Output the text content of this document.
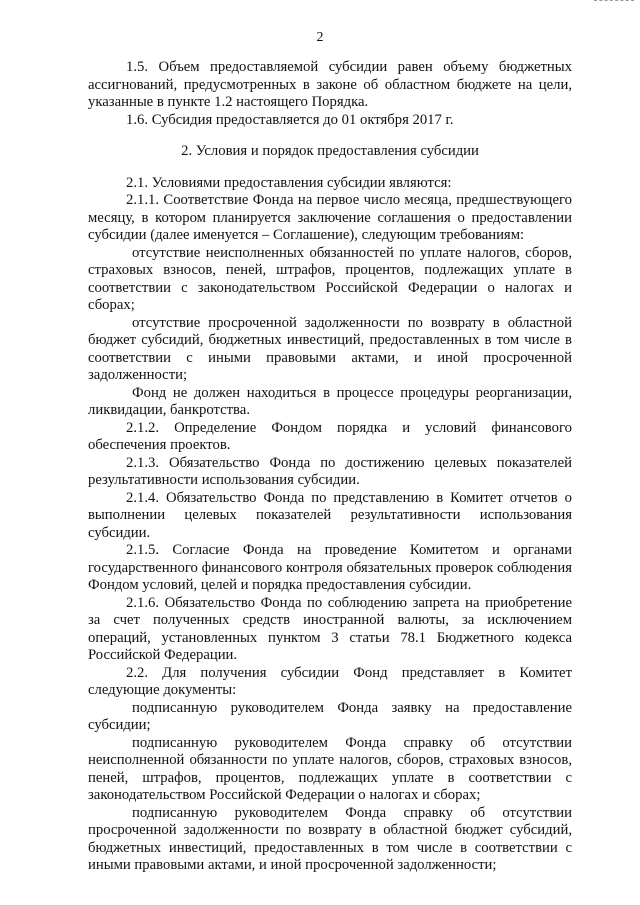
2

1.5. Объем предоставляемой субсидии равен объему бюджетных ассигнований, предусмотренных в законе об областном бюджете на цели, указанные в пункте 1.2 настоящего Порядка.

1.6. Субсидия предоставляется до 01 октября 2017 г.

2. Условия и порядок предоставления субсидии

2.1. Условиями предоставления субсидии являются:

2.1.1. Соответствие Фонда на первое число месяца, предшествующего месяцу, в котором планируется заключение соглашения о предоставлении субсидии (далее именуется – Соглашение), следующим требованиям:

отсутствие неисполненных обязанностей по уплате налогов, сборов, страховых взносов, пеней, штрафов, процентов, подлежащих уплате в соответствии с законодательством Российской Федерации о налогах и сборах;

отсутствие просроченной задолженности по возврату в областной бюджет субсидий, бюджетных инвестиций, предоставленных в том числе в соответствии с иными правовыми актами, и иной просроченной задолженности;

Фонд не должен находиться в процессе процедуры реорганизации, ликвидации, банкротства.

2.1.2. Определение Фондом порядка и условий финансового обеспечения проектов.

2.1.3. Обязательство Фонда по достижению целевых показателей результативности использования субсидии.

2.1.4. Обязательство Фонда по представлению в Комитет отчетов о выполнении целевых показателей результативности использования субсидии.

2.1.5. Согласие Фонда на проведение Комитетом и органами государственного финансового контроля обязательных проверок соблюдения Фондом условий, целей и порядка предоставления субсидии.

2.1.6. Обязательство Фонда по соблюдению запрета на приобретение за счет полученных средств иностранной валюты, за исключением операций, установленных пунктом 3 статьи 78.1 Бюджетного кодекса Российской Федерации.

2.2. Для получения субсидии Фонд представляет в Комитет следующие документы:

подписанную руководителем Фонда заявку на предоставление субсидии;

подписанную руководителем Фонда справку об отсутствии неисполненной обязанности по уплате налогов, сборов, страховых взносов, пеней, штрафов, процентов, подлежащих уплате в соответствии с законодательством Российской Федерации о налогах и сборах;

подписанную руководителем Фонда справку об отсутствии просроченной задолженности по возврату в областной бюджет субсидий, бюджетных инвестиций, предоставленных в том числе в соответствии с иными правовыми актами, и иной просроченной задолженности;
